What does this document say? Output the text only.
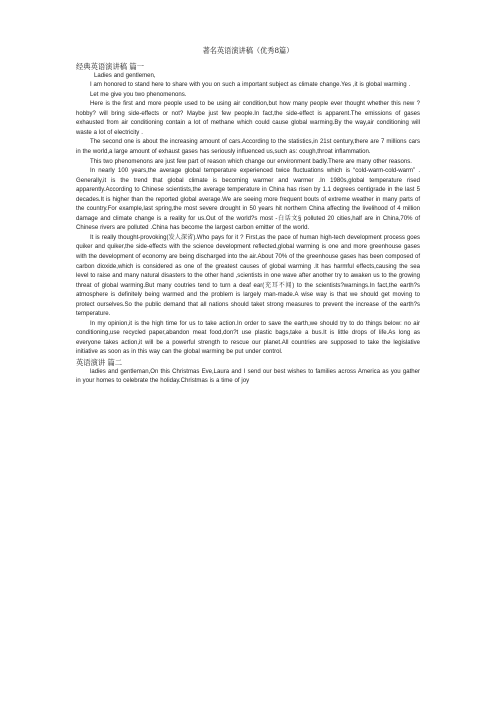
著名英语演讲稿（优秀8篇）
经典英语演讲稿 篇一

Ladies and gentlemen,

I am honored to stand here to share with you on such a important subject as climate change.Yes ,it is global warming .

Let me give you two phenomenons.

Here is the first and more people used to be using air condition,but how many people ever thought whether this new ?hobby? will bring side-effects or not? Maybe just few people.In fact,the side-effect is apparent.The emissions of gases exhausted from air conditioning contain a lot of methane which could cause global warming.By the way,air conditioning will waste a lot of electricity .

The second one is about the increasing amount of cars.According to the statistics,in 21st century,there are 7 millions cars in the world,a large amount of exhaust gases has seriously influenced us,such as: cough,throat inflammation.

This two phenomenons are just few part of reason which change our environment badly.There are many other reasons.

In nearly 100 years,the average global temperature experienced twice fluctuations which is “cold-warm-cold-warm” . Generally,it is the trend that global climate is becoming warmer and warmer .In 1980s,global temperature rised apparently.According to Chinese scientists,the average temperature in China has risen by 1.1 degrees centigrade in the last 5 decades.It is higher than the reported global average.We are seeing more frequent bouts of extreme weather in many parts of the country.For example,last spring,the most severe drought in 50 years hit northern China affecting the livelihood of 4 million damage and climate change is a reality for us.Out of the world?s most -白话文§ polluted 20 cities,half are in China,70% of Chinese rivers are polluted .China has become the largest carbon emitter of the world.

It is really thought-provoking(发人深省).Who pays for it ? First,as the pace of human high-tech development process goes quiker and quiker,the side-effects with the science development reflected,global warming is one and more greenhouse gases with the development of economy are being discharged into the air.About 70% of the greenhouse gases has been composed of carbon dioxide,which is considered as one of the greatest causes of global warming .It has harmful effects,causing the sea level to raise and many natural disasters to the other hand ,scientists in one wave after another try to awaken us to the growing threat of global warming.But many coutries tend to turn a deaf ear(充耳不闻) to the scientists?warnings.In fact,the earth?s atmosphere is definitely being warmed and the problem is largely man-made.A wise way is that we should get moving to protect ourselves.So the public demand that all nations should taket strong measures to prevent the increase of the earth?s temperature.

In my opinion,it is the high time for us to take action.In order to save the earth,we should try to do things below: no air conditioning,use recycled paper,abandon meat food,don?t use plastic bags,take a bus.It is little drops of life.As long as everyone takes action,it will be a powerful strength to rescue our planet.All countries are supposed to take the legislative initiative as soon as in this way can the global warming be put under control.

英语演讲 篇二

ladies and gentleman,On this Christmas Eve,Laura and I send our best wishes to families across America as you gather in your homes to celebrate the holiday.Christmas is a time of joy
